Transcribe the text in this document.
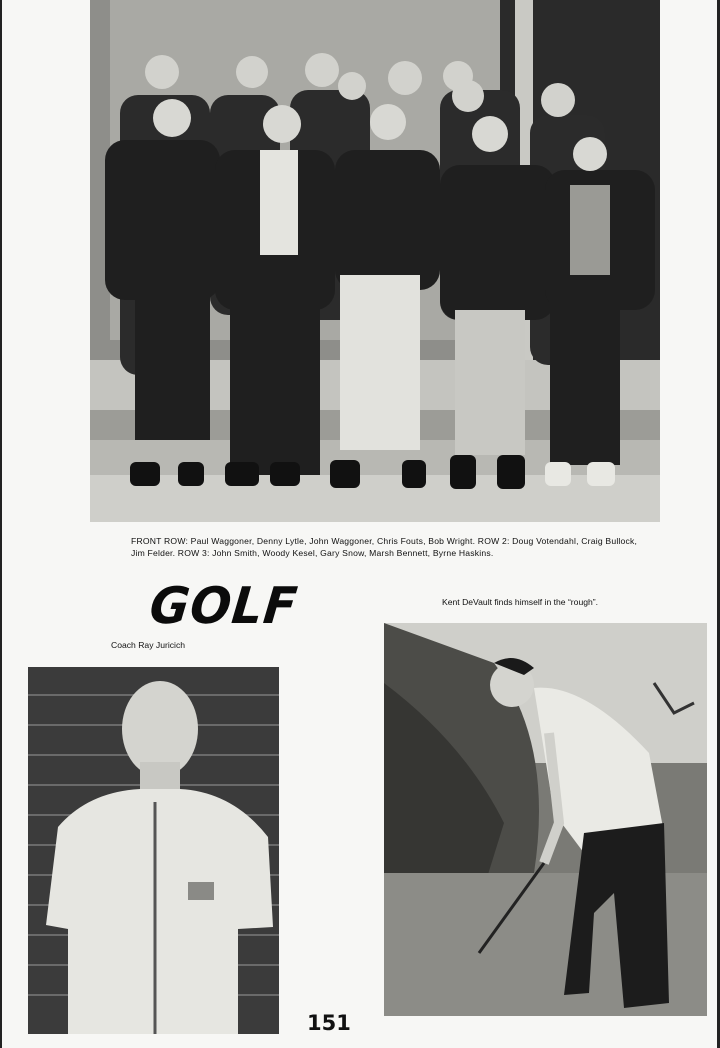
FRONT ROW: Paul Waggoner, Denny Lytle, John Waggoner, Chris Fouts, Bob Wright. ROW 2: Doug Votendahl, Craig Bullock, Jim Felder. ROW 3: John Smith, Woody Kesel, Gary Snow, Marsh Bennett, Byrne Haskins.
GOLF	Kent DeVault finds himself in the “rough”.
Coach Ray Juricich
151
